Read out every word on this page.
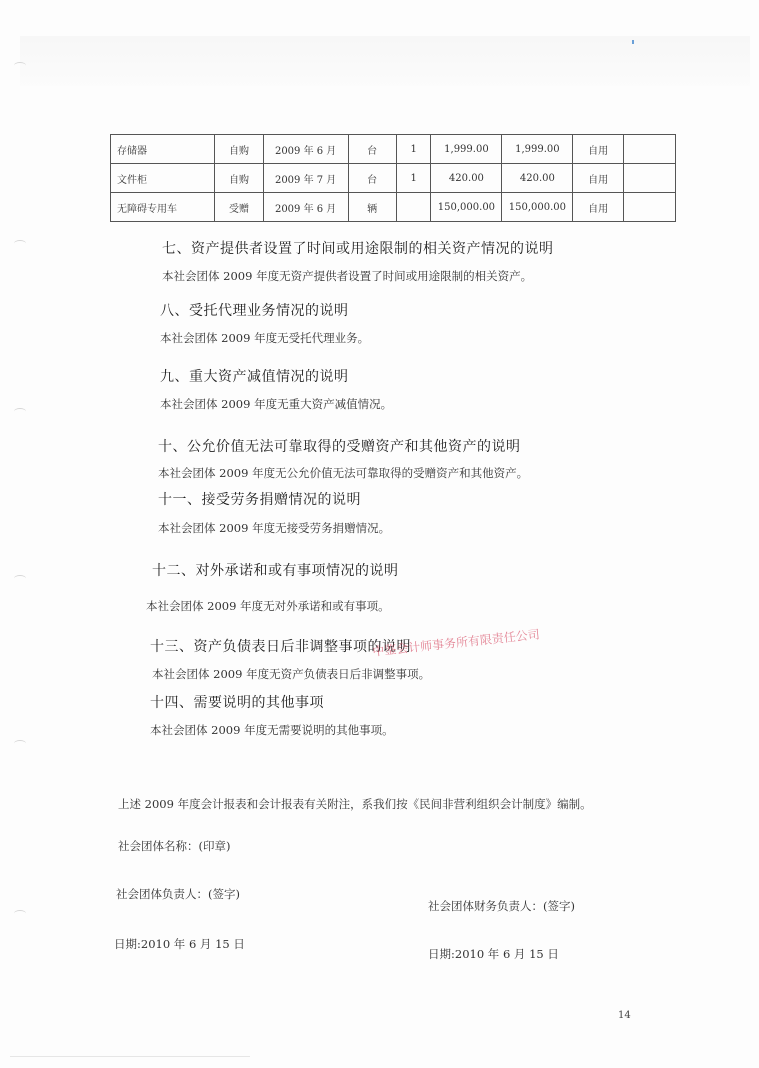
存储器	自购	2009 年 6 月	台	1	1,999.00	1,999.00	自用	
文件柜	自购	2009 年 7 月	台	1	420.00	420.00	自用	
无障碍专用车	受赠	2009 年 6 月	辆		150,000.00	150,000.00	自用	
七、资产提供者设置了时间或用途限制的相关资产情况的说明
本社会团体 2009 年度无资产提供者设置了时间或用途限制的相关资产。
八、受托代理业务情况的说明
本社会团体 2009 年度无受托代理业务。
九、重大资产减值情况的说明
本社会团体 2009 年度无重大资产减值情况。
十、公允价值无法可靠取得的受赠资产和其他资产的说明
本社会团体 2009 年度无公允价值无法可靠取得的受赠资产和其他资产。
十一、接受劳务捐赠情况的说明
本社会团体 2009 年度无接受劳务捐赠情况。
十二、对外承诺和或有事项情况的说明
本社会团体 2009 年度无对外承诺和或有事项。
十三、资产负债表日后非调整事项的说明
本社会团体 2009 年度无资产负债表日后非调整事项。
中鉴会计师事务所有限责任公司
十四、需要说明的其他事项
本社会团体 2009 年度无需要说明的其他事项。
上述 2009 年度会计报表和会计报表有关附注，系我们按《民间非营利组织会计制度》编制。
社会团体名称：(印章)
社会团体负责人：(签字)
社会团体财务负责人：(签字)
日期:2010 年 6 月 15 日
日期:2010 年 6 月 15 日
14
